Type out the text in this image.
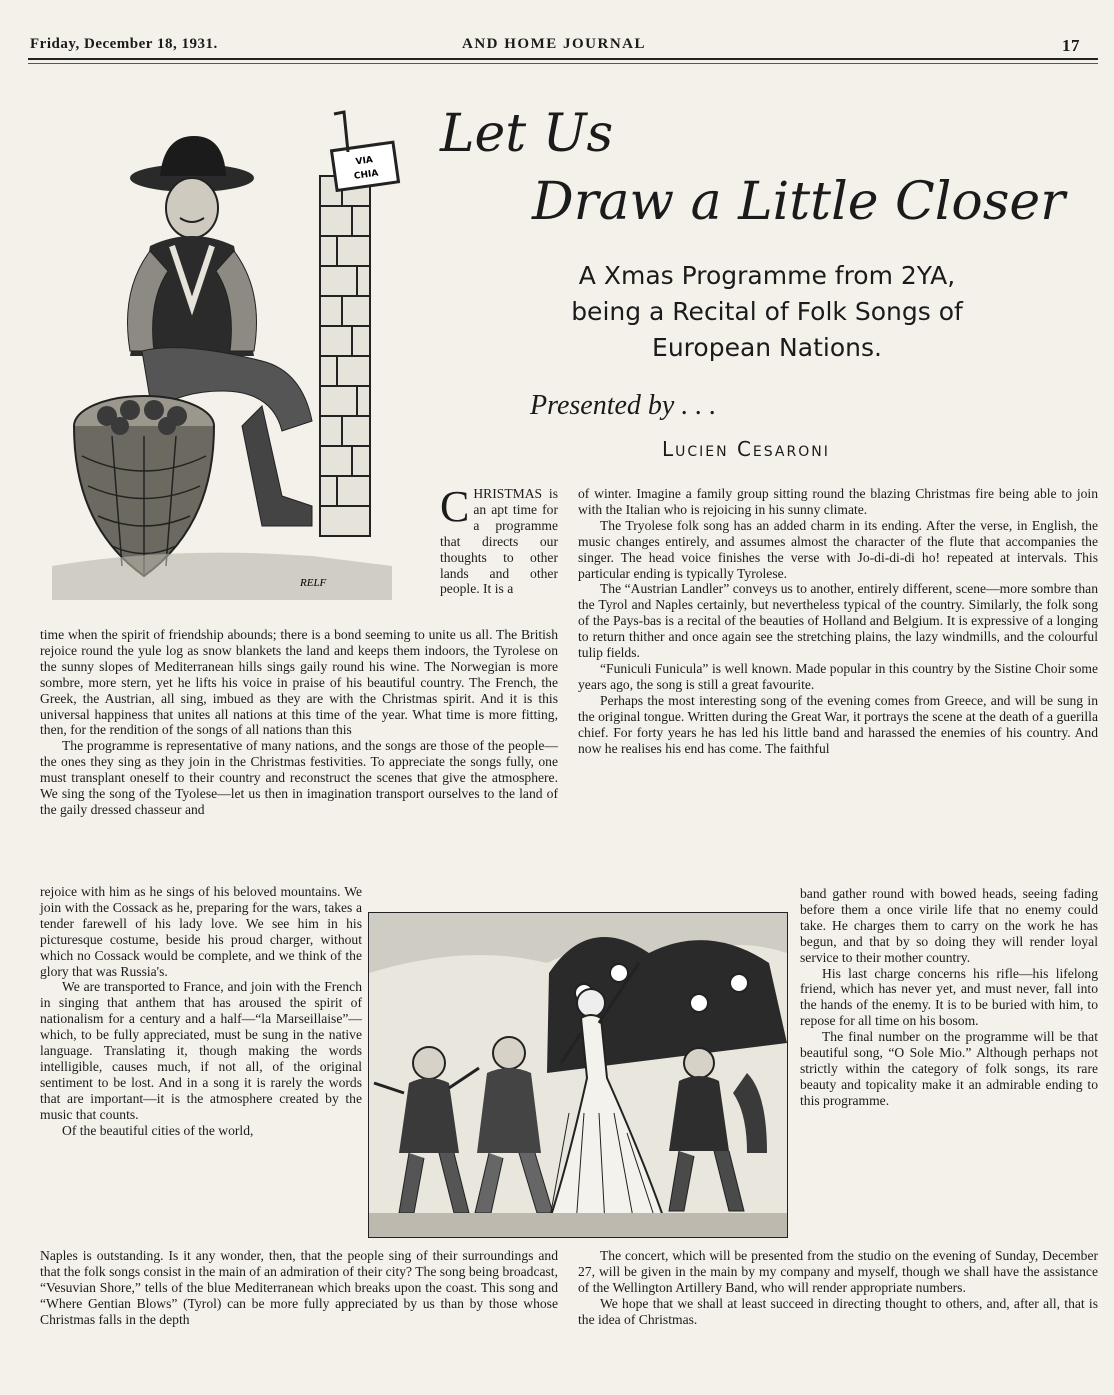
Friday, December 18, 1931.	AND HOME JOURNAL	17
VIA
CHIA
RELF
Let Us
Draw a Little Closer
A Xmas Programme from 2YA,
being a Recital of Folk Songs of
European Nations.
Presented by . . .
Lucien Cesaroni
CHRISTMAS is an apt time for a programme that directs our thoughts to other lands and other people. It is a

time when the spirit of friendship abounds; there is a bond seeming to unite us all. The British rejoice round the yule log as snow blankets the land and keeps them indoors, the Tyrolese on the sunny slopes of Mediterranean hills sings gaily round his wine. The Norwegian is more sombre, more stern, yet he lifts his voice in praise of his beautiful country. The French, the Greek, the Austrian, all sing, imbued as they are with the Christmas spirit. And it is this universal happiness that unites all nations at this time of the year. What time is more fitting, then, for the rendition of the songs of all nations than this

The programme is representative of many nations, and the songs are those of the people—the ones they sing as they join in the Christmas festivities. To appreciate the songs fully, one must transplant oneself to their country and reconstruct the scenes that give the atmosphere. We sing the song of the Tyolese—let us then in imagination transport ourselves to the land of the gaily dressed chasseur and

rejoice with him as he sings of his beloved mountains. We join with the Cossack as he, preparing for the wars, takes a tender farewell of his lady love. We see him in his picturesque costume, beside his proud charger, without which no Cossack would be complete, and we think of the glory that was Russia's.

We are transported to France, and join with the French in singing that anthem that has aroused the spirit of nationalism for a century and a half—“la Marseillaise”—which, to be fully appreciated, must be sung in the native language. Translating it, though making the words intelligible, causes much, if not all, of the original sentiment to be lost. And in a song it is rarely the words that are important—it is the atmosphere created by the music that counts.

Of the beautiful cities of the world,

Naples is outstanding. Is it any wonder, then, that the people sing of their surroundings and that the folk songs consist in the main of an admiration of their city? The song being broadcast, “Vesuvian Shore,” tells of the blue Mediterranean which breaks upon the coast. This song and “Where Gentian Blows” (Tyrol) can be more fully appreciated by us than by those whose Christmas falls in the depth

of winter. Imagine a family group sitting round the blazing Christmas fire being able to join with the Italian who is rejoicing in his sunny climate.

The Tryolese folk song has an added charm in its ending. After the verse, in English, the music changes entirely, and assumes almost the character of the flute that accompanies the singer. The head voice finishes the verse with Jo-di-di-di ho! repeated at intervals. This particular ending is typically Tyrolese.

The “Austrian Landler” conveys us to another, entirely different, scene—more sombre than the Tyrol and Naples certainly, but nevertheless typical of the country. Similarly, the folk song of the Pays-bas is a recital of the beauties of Holland and Belgium. It is expressive of a longing to return thither and once again see the stretching plains, the lazy windmills, and the colourful tulip fields.

“Funiculi Funicula” is well known. Made popular in this country by the Sistine Choir some years ago, the song is still a great favourite.

Perhaps the most interesting song of the evening comes from Greece, and will be sung in the original tongue. Written during the Great War, it portrays the scene at the death of a guerilla chief. For forty years he has led his little band and harassed the enemies of his country. And now he realises his end has come. The faithful

band gather round with bowed heads, seeing fading before them a once virile life that no enemy could take. He charges them to carry on the work he has begun, and that by so doing they will render loyal service to their mother country.

His last charge concerns his rifle—his lifelong friend, which has never yet, and must never, fall into the hands of the enemy. It is to be buried with him, to repose for all time on his bosom.

The final number on the programme will be that beautiful song, “O Sole Mio.” Although perhaps not strictly within the category of folk songs, its rare beauty and topicality make it an admirable ending to this programme.

The concert, which will be presented from the studio on the evening of Sunday, December 27, will be given in the main by my company and myself, though we shall have the assistance of the Wellington Artillery Band, who will render appropriate numbers.

We hope that we shall at least succeed in directing thought to others, and, after all, that is the idea of Christmas.
